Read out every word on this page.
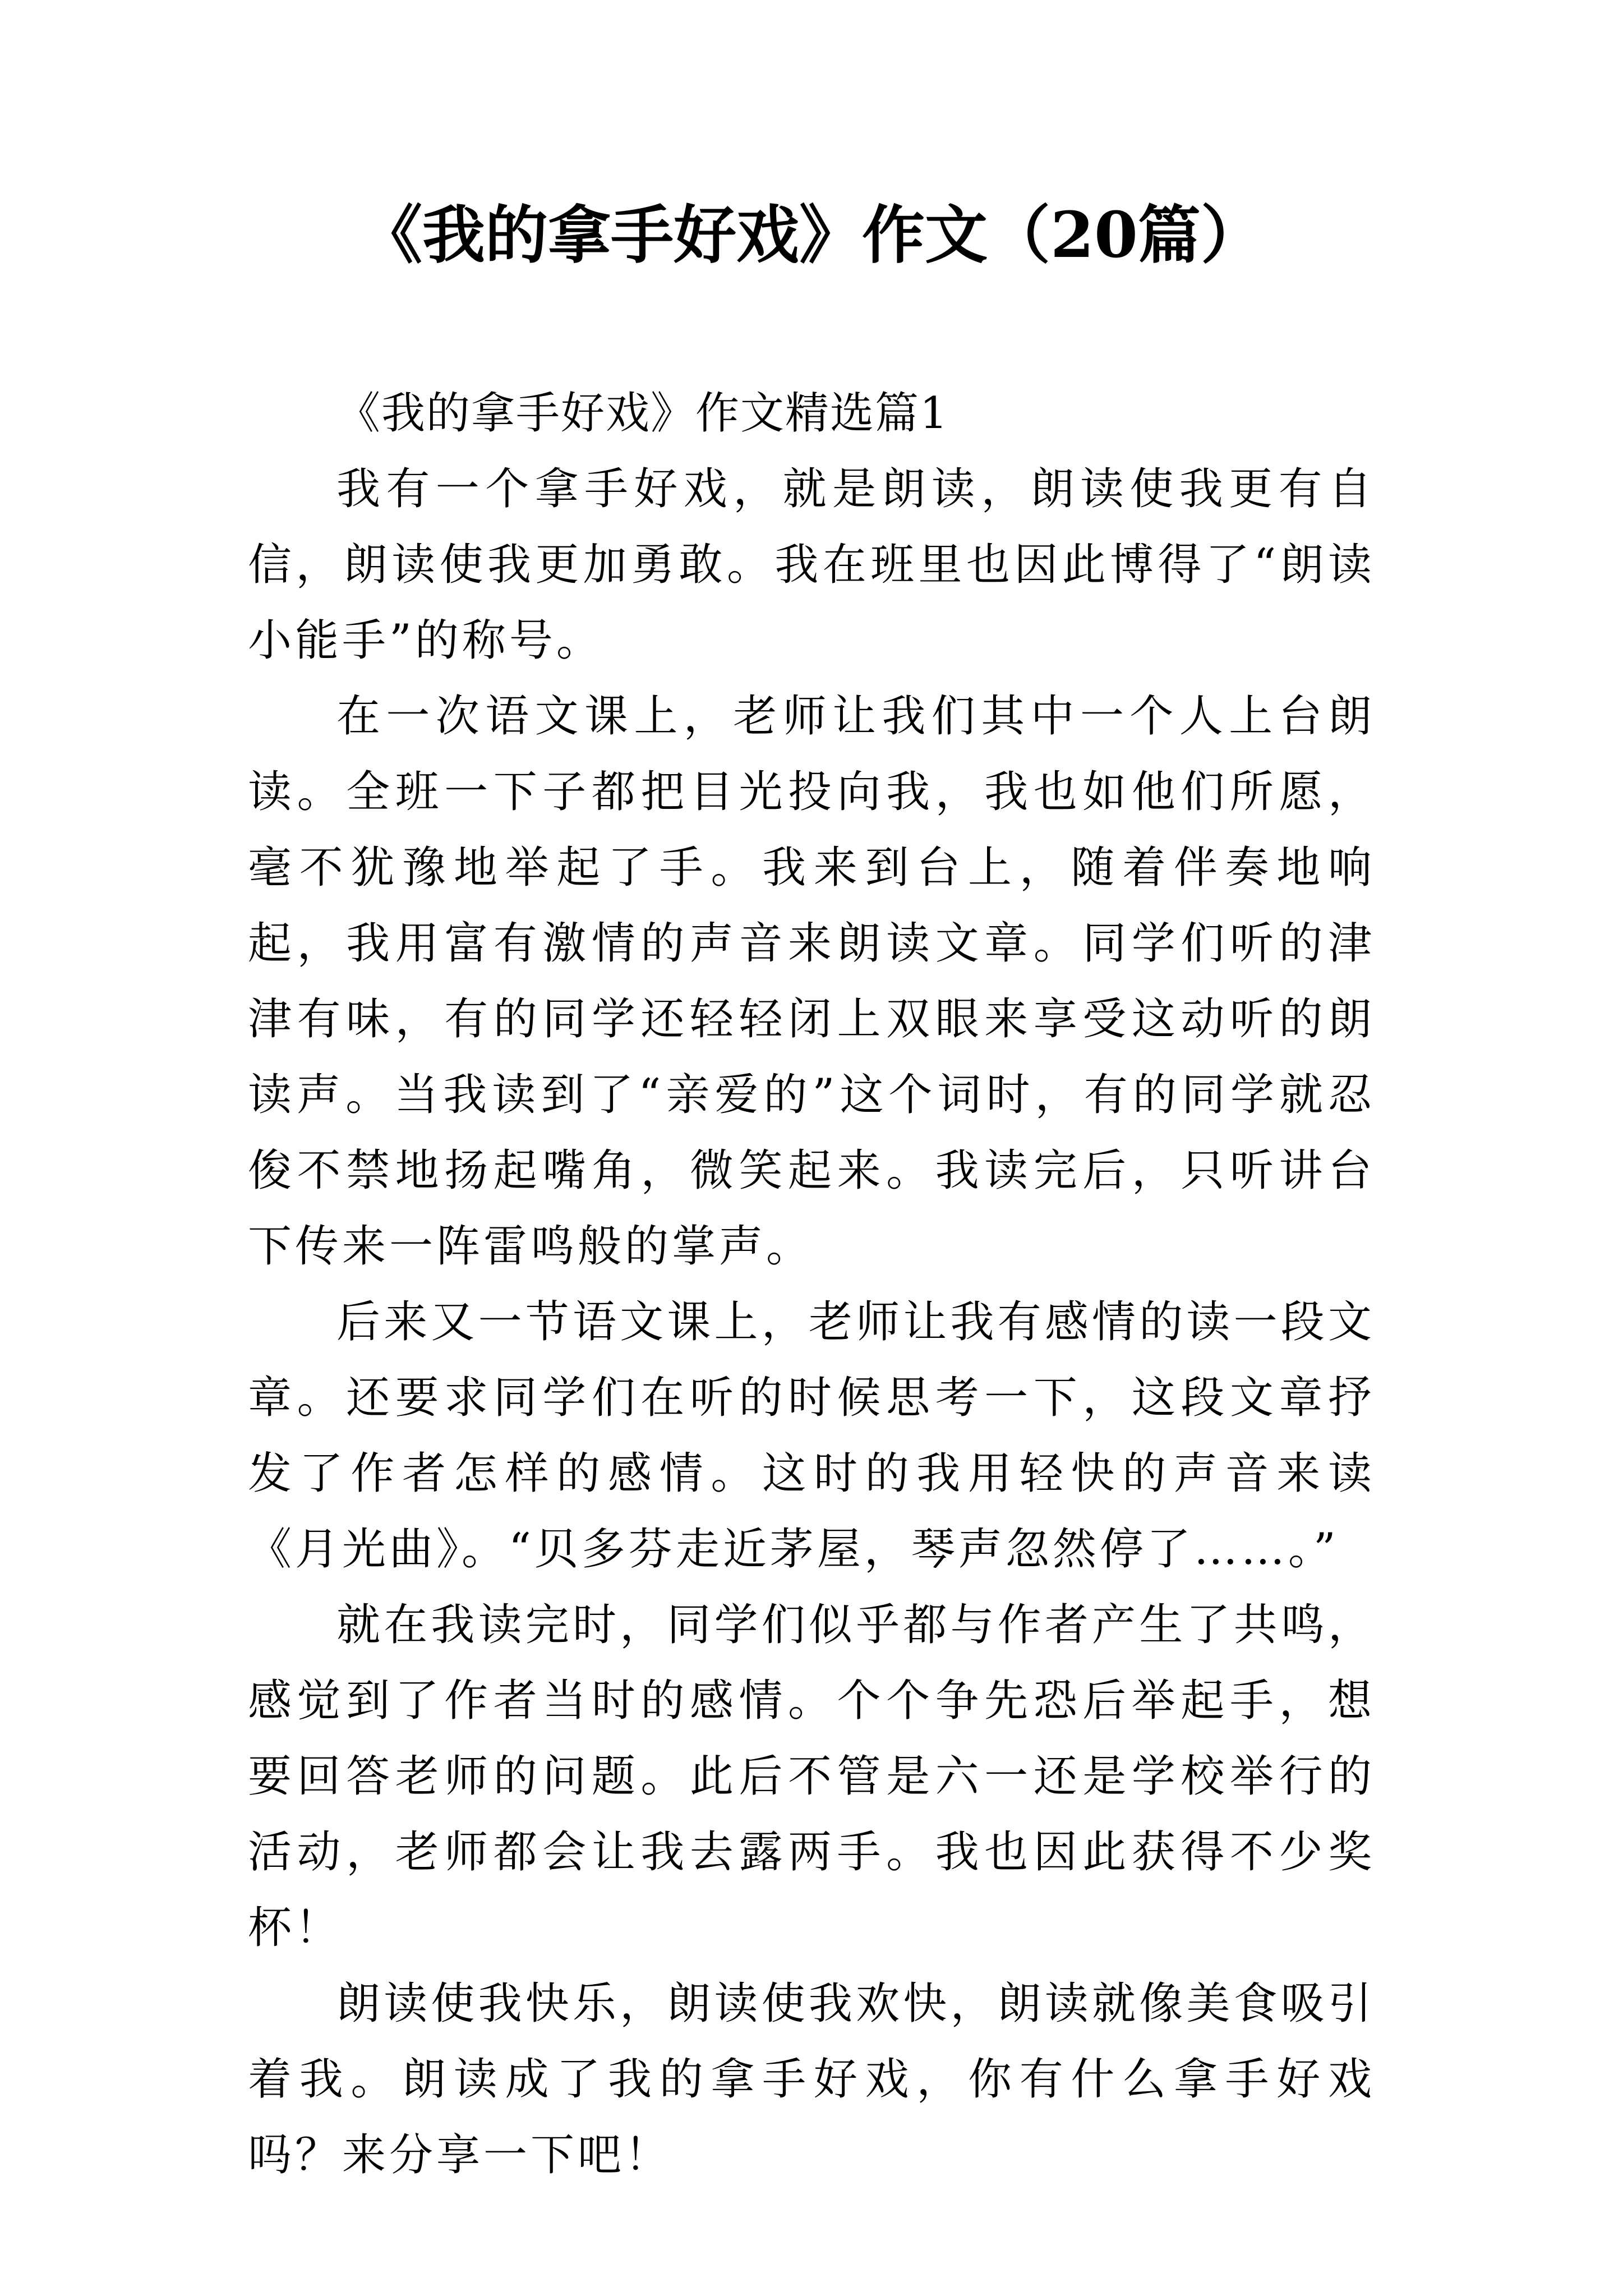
《我的拿手好戏》作文（20篇）

《我的拿手好戏》作文精选篇1

我有一个拿手好戏，就是朗读，朗读使我更有自信，朗读使我更加勇敢。我在班里也因此博得了“朗读小能手”的称号。

在一次语文课上，老师让我们其中一个人上台朗读。全班一下子都把目光投向我，我也如他们所愿，毫不犹豫地举起了手。我来到台上，随着伴奏地响起，我用富有激情的声音来朗读文章。同学们听的津津有味，有的同学还轻轻闭上双眼来享受这动听的朗读声。当我读到了“亲爱的”这个词时，有的同学就忍俊不禁地扬起嘴角，微笑起来。我读完后，只听讲台下传来一阵雷鸣般的掌声。

后来又一节语文课上，老师让我有感情的读一段文章。还要求同学们在听的时候思考一下，这段文章抒发了作者怎样的感情。这时的我用轻快的声音来读《月光曲》。“贝多芬走近茅屋，琴声忽然停了……。”

就在我读完时，同学们似乎都与作者产生了共鸣，感觉到了作者当时的感情。个个争先恐后举起手，想要回答老师的问题。此后不管是六一还是学校举行的活动，老师都会让我去露两手。我也因此获得不少奖杯！

朗读使我快乐，朗读使我欢快，朗读就像美食吸引着我。朗读成了我的拿手好戏，你有什么拿手好戏吗？来分享一下吧！
